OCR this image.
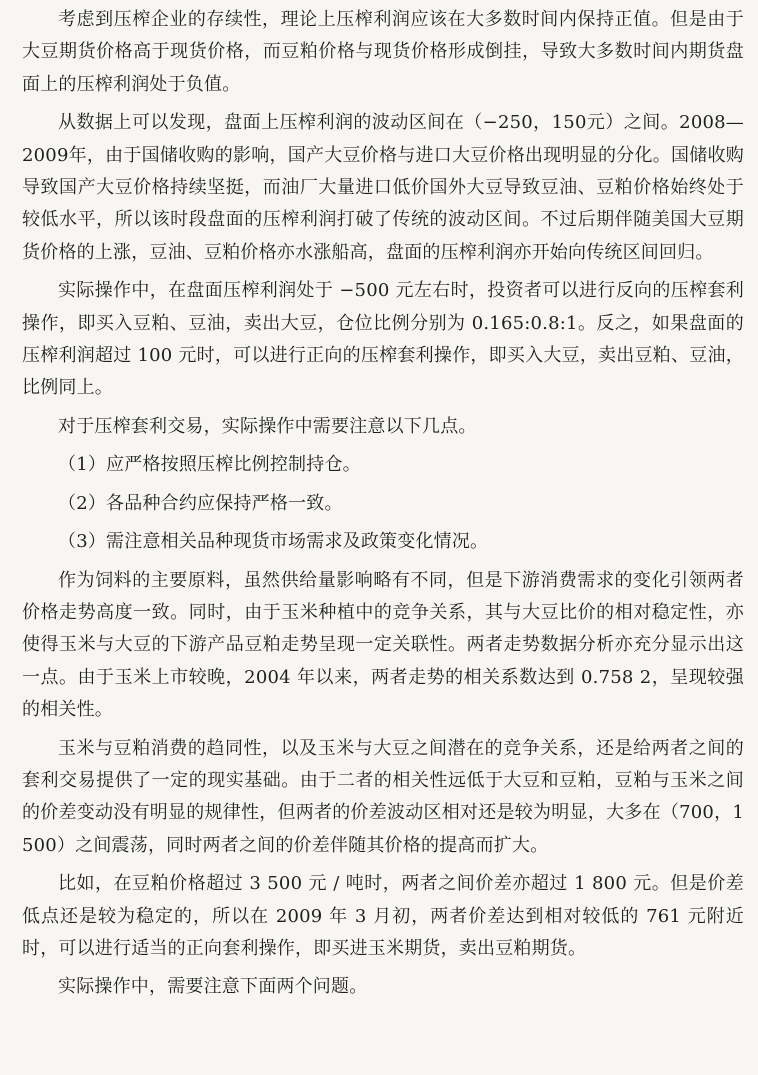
考虑到压榨企业的存续性，理论上压榨利润应该在大多数时间内保持正值。但是由于大豆期货价格高于现货价格，而豆粕价格与现货价格形成倒挂，导致大多数时间内期货盘面上的压榨利润处于负值。

从数据上可以发现，盘面上压榨利润的波动区间在（−250，150元）之间。2008—2009年，由于国储收购的影响，国产大豆价格与进口大豆价格出现明显的分化。国储收购导致国产大豆价格持续坚挺，而油厂大量进口低价国外大豆导致豆油、豆粕价格始终处于较低水平，所以该时段盘面的压榨利润打破了传统的波动区间。不过后期伴随美国大豆期货价格的上涨，豆油、豆粕价格亦水涨船高，盘面的压榨利润亦开始向传统区间回归。

实际操作中，在盘面压榨利润处于 −500 元左右时，投资者可以进行反向的压榨套利操作，即买入豆粕、豆油，卖出大豆，仓位比例分别为 0.165:0.8:1。反之，如果盘面的压榨利润超过 100 元时，可以进行正向的压榨套利操作，即买入大豆，卖出豆粕、豆油，比例同上。

对于压榨套利交易，实际操作中需要注意以下几点。

（1）应严格按照压榨比例控制持仓。

（2）各品种合约应保持严格一致。

（3）需注意相关品种现货市场需求及政策变化情况。

作为饲料的主要原料，虽然供给量影响略有不同，但是下游消费需求的变化引领两者价格走势高度一致。同时，由于玉米种植中的竞争关系，其与大豆比价的相对稳定性，亦使得玉米与大豆的下游产品豆粕走势呈现一定关联性。两者走势数据分析亦充分显示出这一点。由于玉米上市较晚，2004 年以来，两者走势的相关系数达到 0.758 2，呈现较强的相关性。

玉米与豆粕消费的趋同性，以及玉米与大豆之间潜在的竞争关系，还是给两者之间的套利交易提供了一定的现实基础。由于二者的相关性远低于大豆和豆粕，豆粕与玉米之间的价差变动没有明显的规律性，但两者的价差波动区相对还是较为明显，大多在（700，1 500）之间震荡，同时两者之间的价差伴随其价格的提高而扩大。

比如，在豆粕价格超过 3 500 元 / 吨时，两者之间价差亦超过 1 800 元。但是价差低点还是较为稳定的，所以在 2009 年 3 月初，两者价差达到相对较低的 761 元附近时，可以进行适当的正向套利操作，即买进玉米期货，卖出豆粕期货。

实际操作中，需要注意下面两个问题。
